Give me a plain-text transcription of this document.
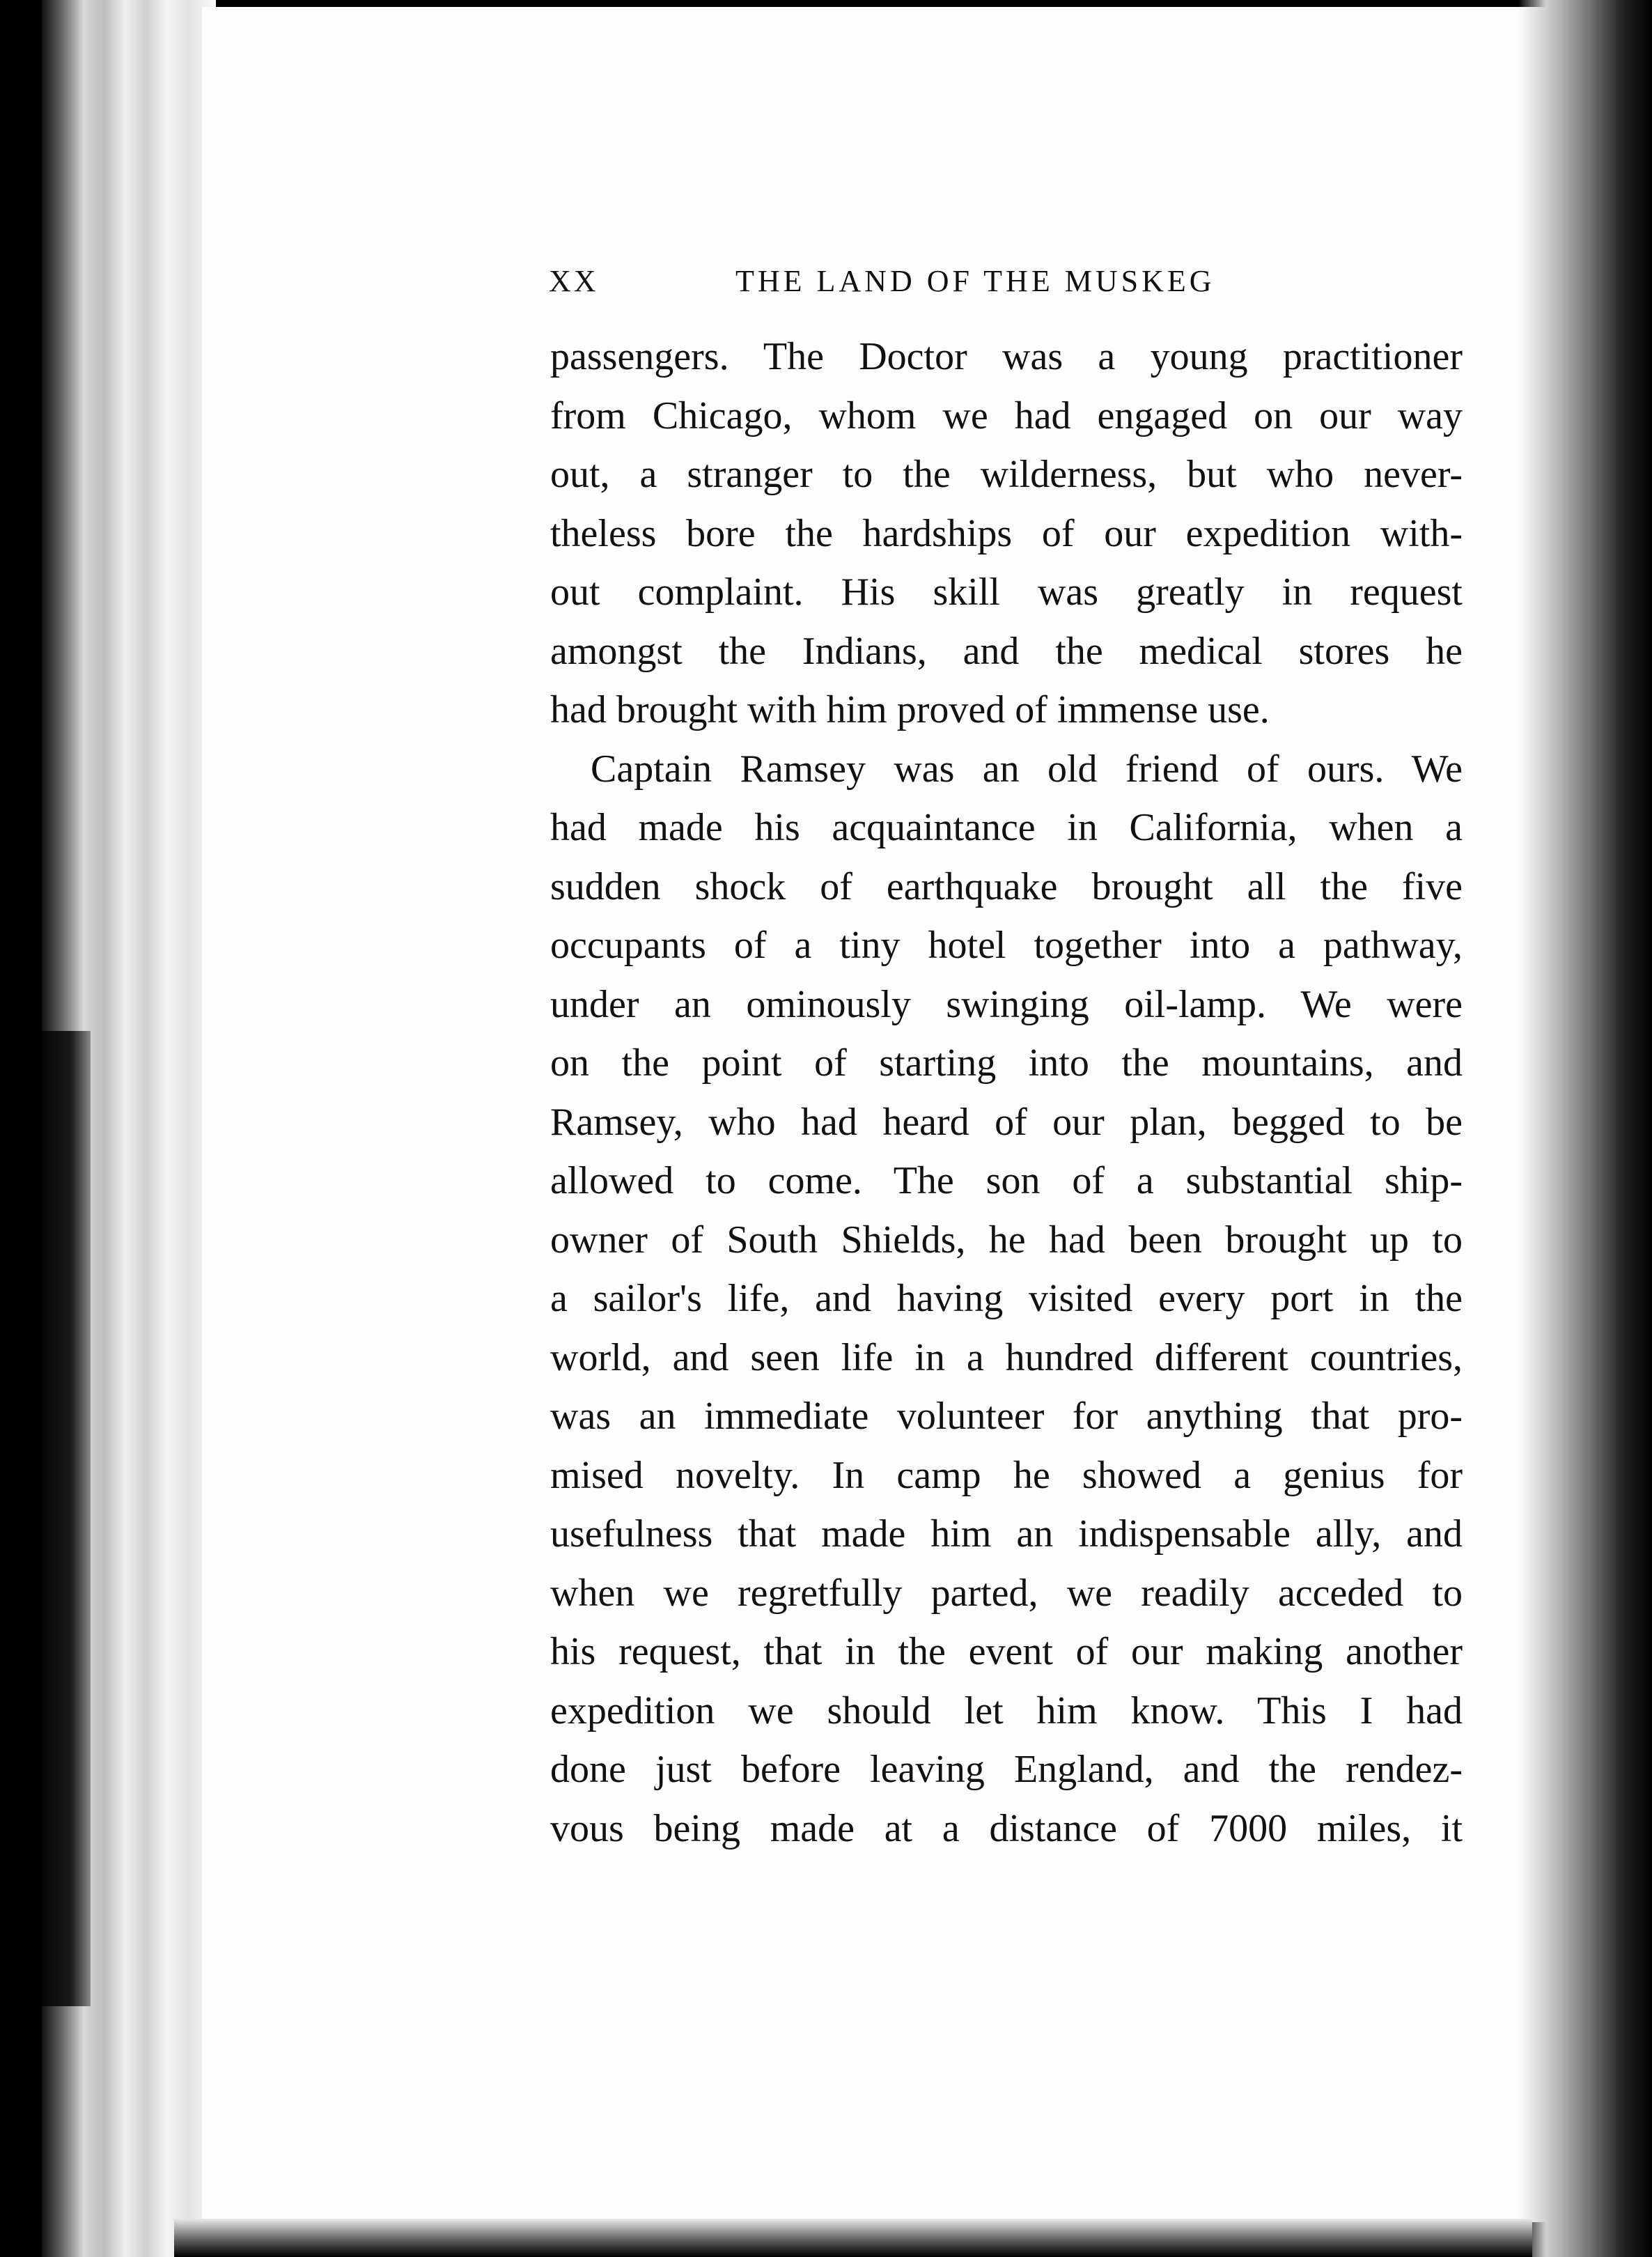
XX	THE LAND OF THE MUSKEG
passengers. The Doctor was a young practitioner
from Chicago, whom we had engaged on our way
out, a stranger to the wilderness, but who never-
theless bore the hardships of our expedition with-
out complaint. His skill was greatly in request
amongst the Indians, and the medical stores he
had brought with him proved of immense use.
Captain Ramsey was an old friend of ours. We
had made his acquaintance in California, when a
sudden shock of earthquake brought all the five
occupants of a tiny hotel together into a pathway,
under an ominously swinging oil-lamp. We were
on the point of starting into the mountains, and
Ramsey, who had heard of our plan, begged to be
allowed to come. The son of a substantial ship-
owner of South Shields, he had been brought up to
a sailor's life, and having visited every port in the
world, and seen life in a hundred different countries,
was an immediate volunteer for anything that pro-
mised novelty. In camp he showed a genius for
usefulness that made him an indispensable ally, and
when we regretfully parted, we readily acceded to
his request, that in the event of our making another
expedition we should let him know. This I had
done just before leaving England, and the rendez-
vous being made at a distance of 7000 miles, it
